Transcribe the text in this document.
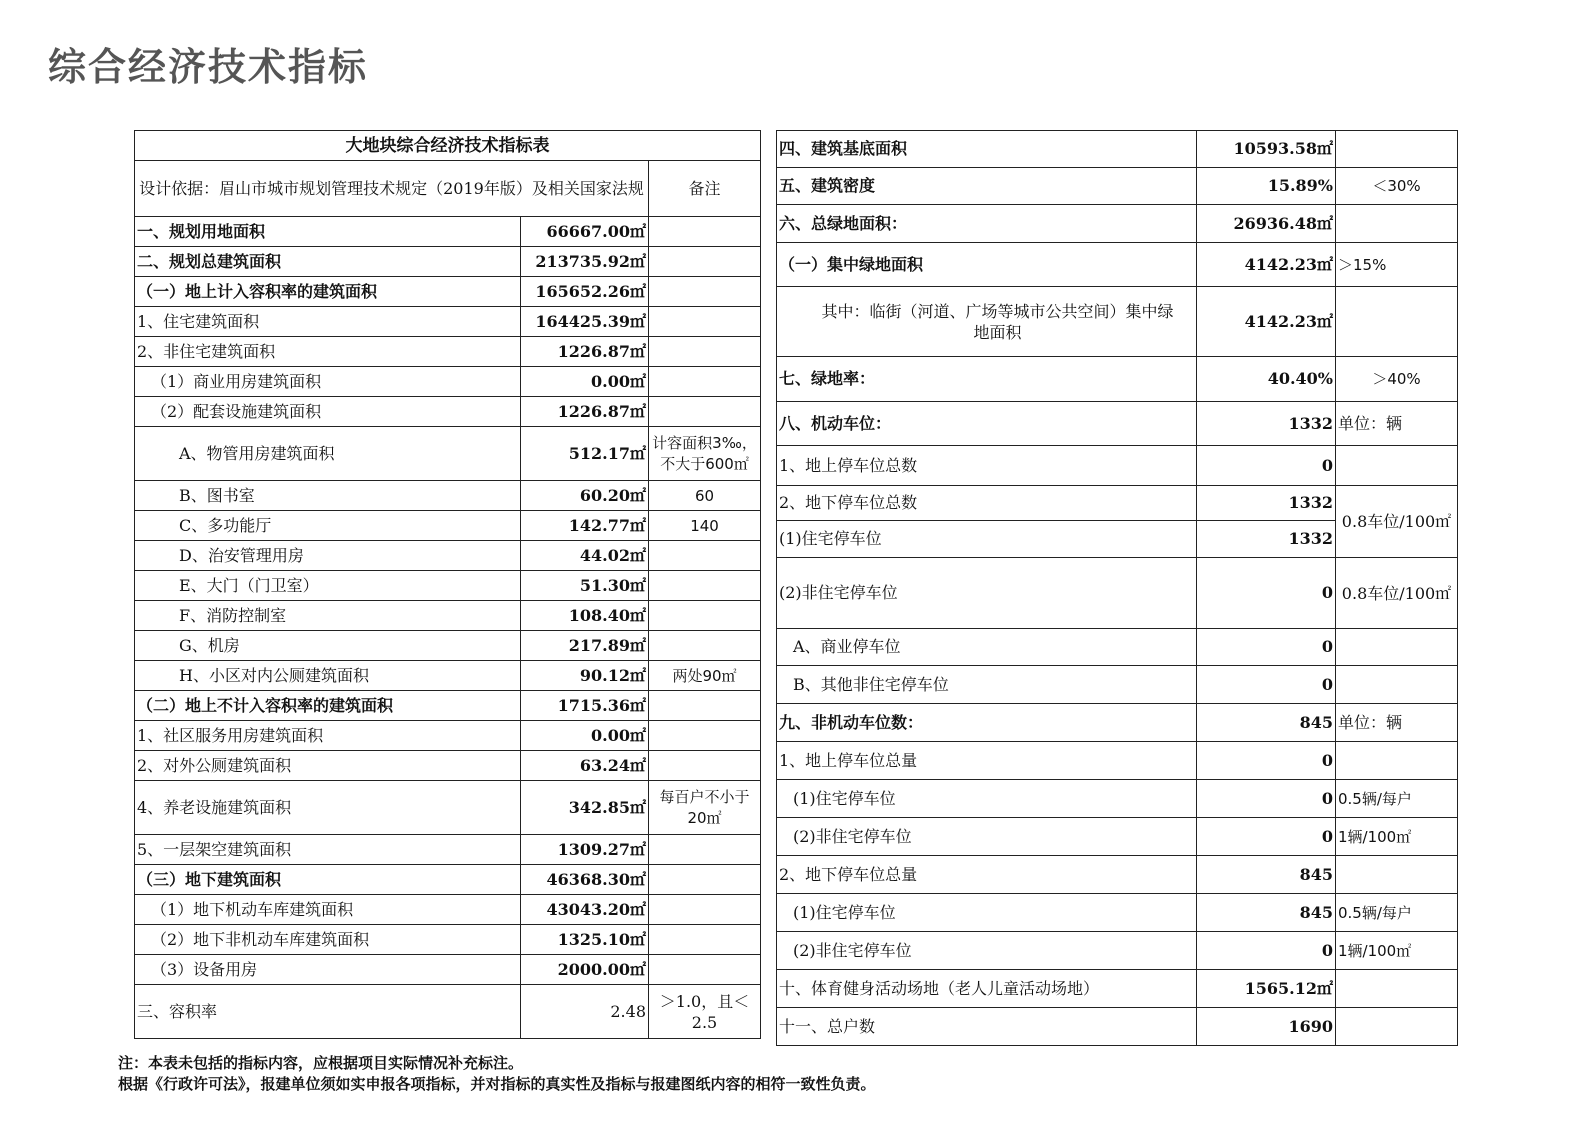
综合经济技术指标
大地块综合经济技术指标表		
设计依据：眉山市城市规划管理技术规定（2019年版）及相关国家法规		备注
一、规划用地面积	66667.00㎡	
二、规划总建筑面积	213735.92㎡	
（一）地上计入容积率的建筑面积	165652.26㎡	
1、住宅建筑面积	164425.39㎡	
2、非住宅建筑面积	1226.87㎡	
（1）商业用房建筑面积	0.00㎡	
（2）配套设施建筑面积	1226.87㎡	
A、物管用房建筑面积	512.17㎡	计容面积3‰，不大于600㎡
B、图书室	60.20㎡	60
C、多功能厅	142.77㎡	140
D、治安管理用房	44.02㎡	
E、大门（门卫室）	51.30㎡	
F、消防控制室	108.40㎡	
G、机房	217.89㎡	
H、小区对内公厕建筑面积	90.12㎡	两处90㎡
（二）地上不计入容积率的建筑面积	1715.36㎡	
1、社区服务用房建筑面积	0.00㎡	
2、对外公厕建筑面积	63.24㎡	
4、养老设施建筑面积	342.85㎡	每百户不小于20㎡
5、一层架空建筑面积	1309.27㎡	
（三）地下建筑面积	46368.30㎡	
（1）地下机动车库建筑面积	43043.20㎡	
（2）地下非机动车库建筑面积	1325.10㎡	
（3）设备用房	2000.00㎡	
三、容积率	2.48	＞1.0，且＜2.5
四、建筑基底面积	10593.58㎡	
五、建筑密度	15.89%	＜30%
六、总绿地面积：	26936.48㎡	
（一）集中绿地面积	4142.23㎡	＞15%
其中：临街（河道、广场等城市公共空间）集中绿地面积	4142.23㎡	
七、绿地率：	40.40%	＞40%
八、机动车位：	1332	单位：辆
1、地上停车位总数	0	
2、地下停车位总数	1332	0.8车位/100㎡
(1)住宅停车位	1332	
(2)非住宅停车位	0	0.8车位/100㎡
A、商业停车位	0	
B、其他非住宅停车位	0	
九、非机动车位数：	845	单位：辆
1、地上停车位总量	0	
(1)住宅停车位	0	0.5辆/每户
(2)非住宅停车位	0	1辆/100㎡
2、地下停车位总量	845	
(1)住宅停车位	845	0.5辆/每户
(2)非住宅停车位	0	1辆/100㎡
十、体育健身活动场地（老人儿童活动场地）	1565.12㎡	
十一、总户数	1690	
注：本表未包括的指标内容，应根据项目实际情况补充标注。
根据《行政许可法》，报建单位须如实申报各项指标，并对指标的真实性及指标与报建图纸内容的相符一致性负责。
